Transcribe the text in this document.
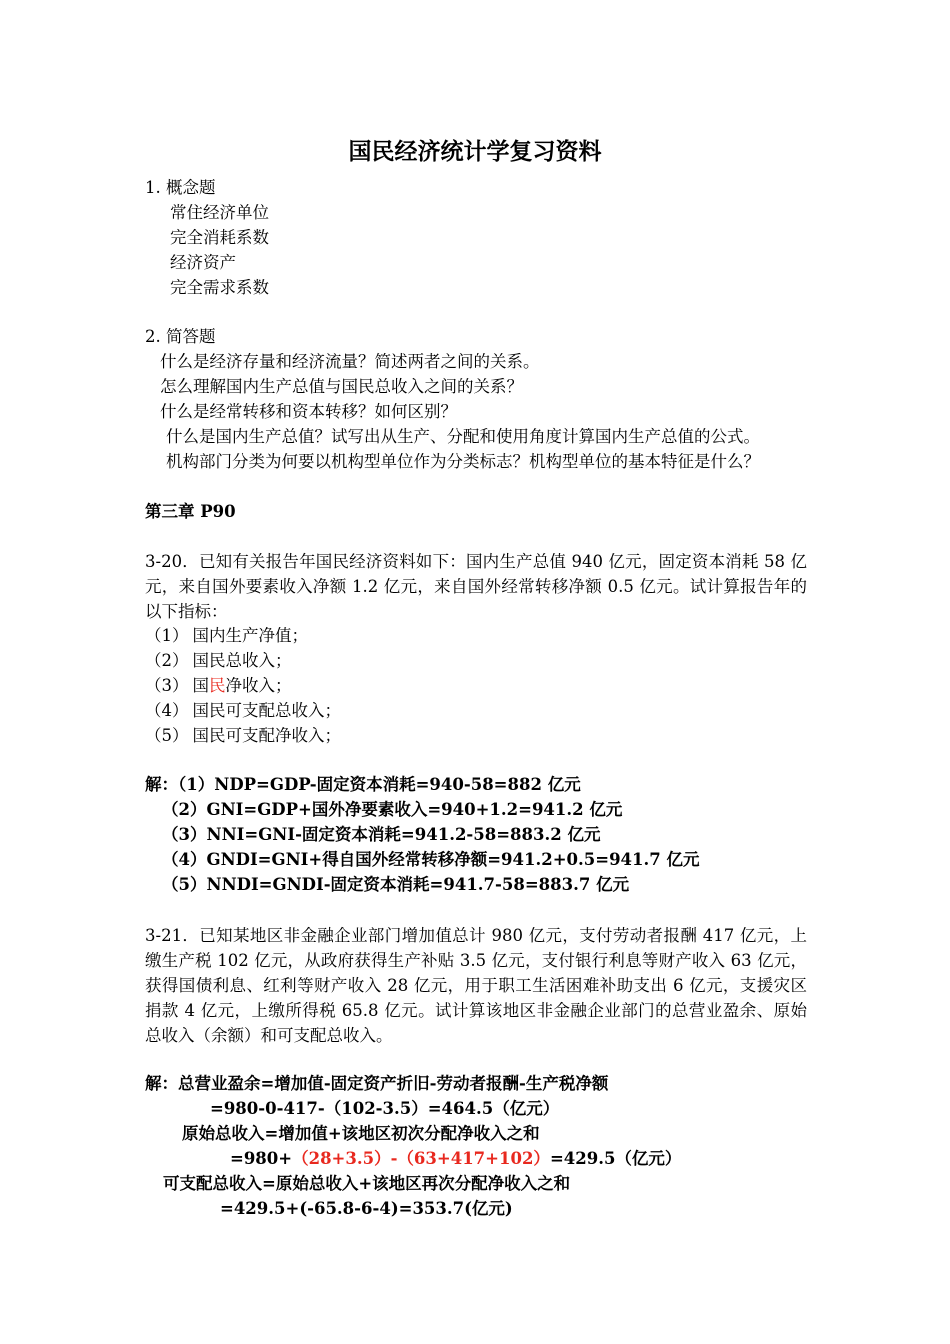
国民经济统计学复习资料
1. 概念题
常住经济单位
完全消耗系数
经济资产
完全需求系数
2. 简答题
什么是经济存量和经济流量？简述两者之间的关系。
怎么理解国内生产总值与国民总收入之间的关系？
什么是经常转移和资本转移？如何区别？
什么是国内生产总值？试写出从生产、分配和使用角度计算国内生产总值的公式。
机构部门分类为何要以机构型单位作为分类标志？机构型单位的基本特征是什么？
第三章 P90
3-20．已知有关报告年国民经济资料如下：国内生产总值 940 亿元，固定资本消耗 58 亿元，来自国外要素收入净额 1.2 亿元，来自国外经常转移净额 0.5 亿元。试计算报告年的以下指标：
（1） 国内生产净值；
（2） 国民总收入；
（3） 国民净收入；
（4） 国民可支配总收入；
（5） 国民可支配净收入；
解：（1）NDP=GDP-固定资本消耗=940-58=882 亿元
（2）GNI=GDP+国外净要素收入=940+1.2=941.2 亿元
（3）NNI=GNI-固定资本消耗=941.2-58=883.2 亿元
（4）GNDI=GNI+得自国外经常转移净额=941.2+0.5=941.7 亿元
（5）NNDI=GNDI-固定资本消耗=941.7-58=883.7 亿元
3-21．已知某地区非金融企业部门增加值总计 980 亿元，支付劳动者报酬 417 亿元，上缴生产税 102 亿元，从政府获得生产补贴 3.5 亿元，支付银行利息等财产收入 63 亿元，获得国债利息、红利等财产收入 28 亿元，用于职工生活困难补助支出 6 亿元，支援灾区捐款 4 亿元，上缴所得税 65.8 亿元。试计算该地区非金融企业部门的总营业盈余、原始总收入（余额）和可支配总收入。
解：总营业盈余=增加值-固定资产折旧-劳动者报酬-生产税净额
=980-0-417-（102-3.5）=464.5（亿元）
原始总收入=增加值+该地区初次分配净收入之和
=980+（28+3.5）-（63+417+102）=429.5（亿元）
可支配总收入=原始总收入+该地区再次分配净收入之和
=429.5+(-65.8-6-4)=353.7(亿元)
